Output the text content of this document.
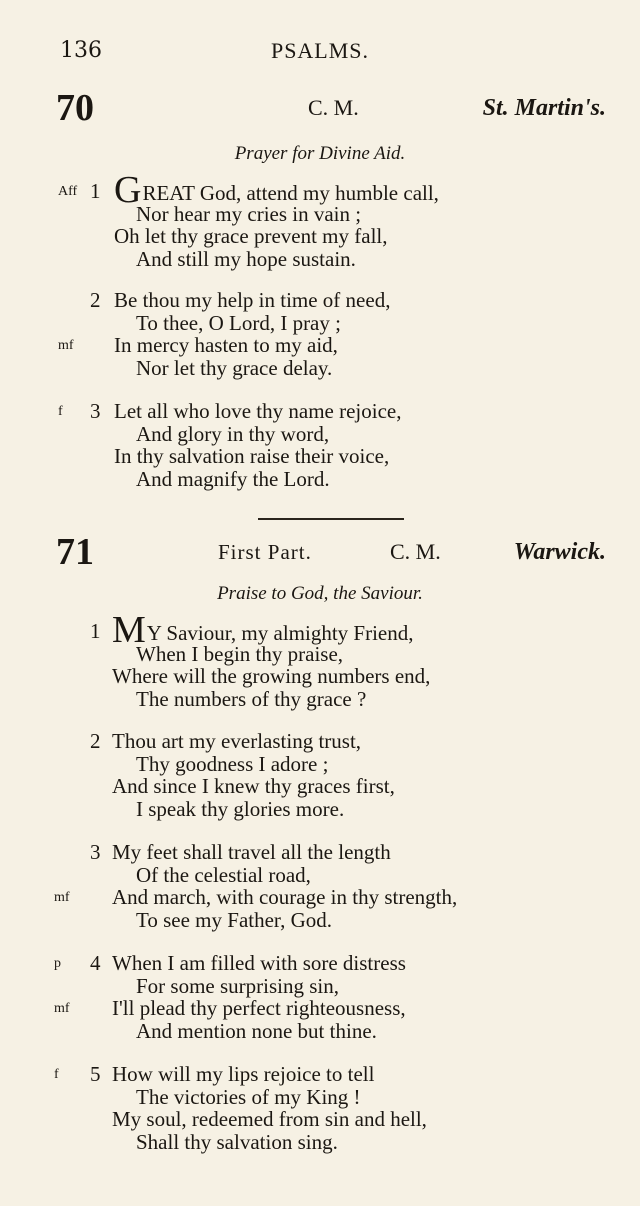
136	PSALMS.
70	C. M.	St. Martin's.
Prayer for Divine Aid.
71	First Part.	C. M.	Warwick.
Praise to God, the Saviour.
1
Aff GREAT God, attend my humble call,
Nor hear my cries in vain ;
Oh let thy grace prevent my fall,
And still my hope sustain.
2 Be thou my help in time of need,
To thee, O Lord, I pray ;
In mercy hasten to my aid,
mf
Nor let thy grace delay.
3
f Let all who love thy name rejoice,
And glory in thy word,
In thy salvation raise their voice,
And magnify the Lord.
1 MY Saviour, my almighty Friend,
When I begin thy praise,
Where will the growing numbers end,
The numbers of thy grace ?
2 Thou art my everlasting trust,
Thy goodness I adore ;
And since I knew thy graces first,
I speak thy glories more.
3 My feet shall travel all the length
Of the celestial road,
And march, with courage in thy strength,
mf
To see my Father, God.
4
p When I am filled with sore distress
For some surprising sin,
I'll plead thy perfect righteousness,
mf
And mention none but thine.
5
f	How will my lips rejoice to tell
The victories of my King !
My soul, redeemed from sin and hell,
Shall thy salvation sing.
